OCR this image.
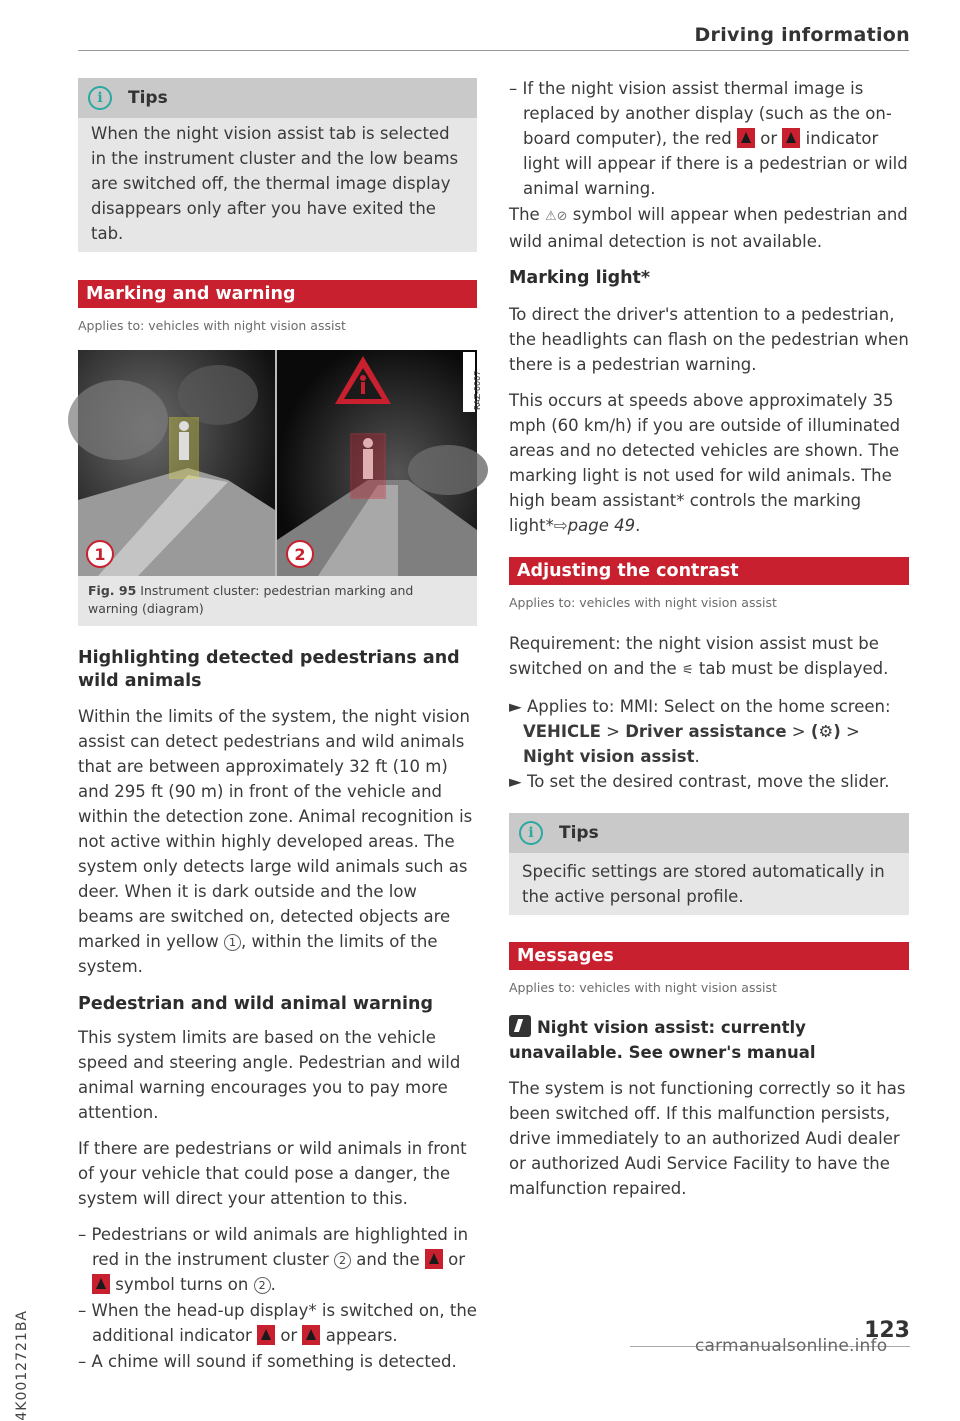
Driving information
i	Tips
When the night vision assist tab is selected in the instrument cluster and the low beams are switched off, the thermal image display disappears only after you have exited the tab.
Marking and warning
Applies to: vehicles with night vision assist
1	2
RAZ-0007
Fig. 95 Instrument cluster: pedestrian marking and warning (diagram)
Highlighting detected pedestrians and wild animals
Within the limits of the system, the night vision assist can detect pedestrians and wild animals that are between approximately 32 ft (10 m) and 295 ft (90 m) in front of the vehicle and within the detection zone. Animal recognition is not active within highly developed areas. The system only detects large wild animals such as deer. When it is dark outside and the low beams are switched on, detected objects are marked in yellow 1 , within the limits of the system.
Pedestrian and wild animal warning
This system limits are based on the vehicle speed and steering angle. Pedestrian and wild animal warning encourages you to pay more attention.
If there are pedestrians or wild animals in front of your vehicle that could pose a danger, the system will direct your attention to this.
– Pedestrians or wild animals are highlighted in red in the instrument cluster 2 and the or  symbol turns on 2 .
– When the head-up display* is switched on, the additional indicator or appears.
– A chime will sound if something is detected.
– If the night vision assist thermal image is replaced by another display (such as the on-board computer), the red or indicator light will appear if there is a pedestrian or wild animal warning.
The ⚠⊘ symbol will appear when pedestrian and wild animal detection is not available.
Marking light*
To direct the driver's attention to a pedestrian, the headlights can flash on the pedestrian when there is a pedestrian warning.
This occurs at speeds above approximately 35 mph (60 km/h) if you are outside of illuminated areas and no detected vehicles are shown. The marking light is not used for wild animals. The high beam assistant* controls the marking light*⇨page 49.
Adjusting the contrast
Applies to: vehicles with night vision assist
Requirement: the night vision assist must be switched on and the ⚟ tab must be displayed.
► Applies to: MMI: Select on the home screen: VEHICLE > Driver assistance > (⚙) > Night vision assist.
► To set the desired contrast, move the slider.
i	Tips
Specific settings are stored automatically in the active personal profile.
Messages
Applies to: vehicles with night vision assist
Night vision assist: currently unavailable. See owner's manual
The system is not functioning correctly so it has been switched off. If this malfunction persists, drive immediately to an authorized Audi dealer or authorized Audi Service Facility to have the malfunction repaired.
4K0012721BA	123
carmanualsonline.info
